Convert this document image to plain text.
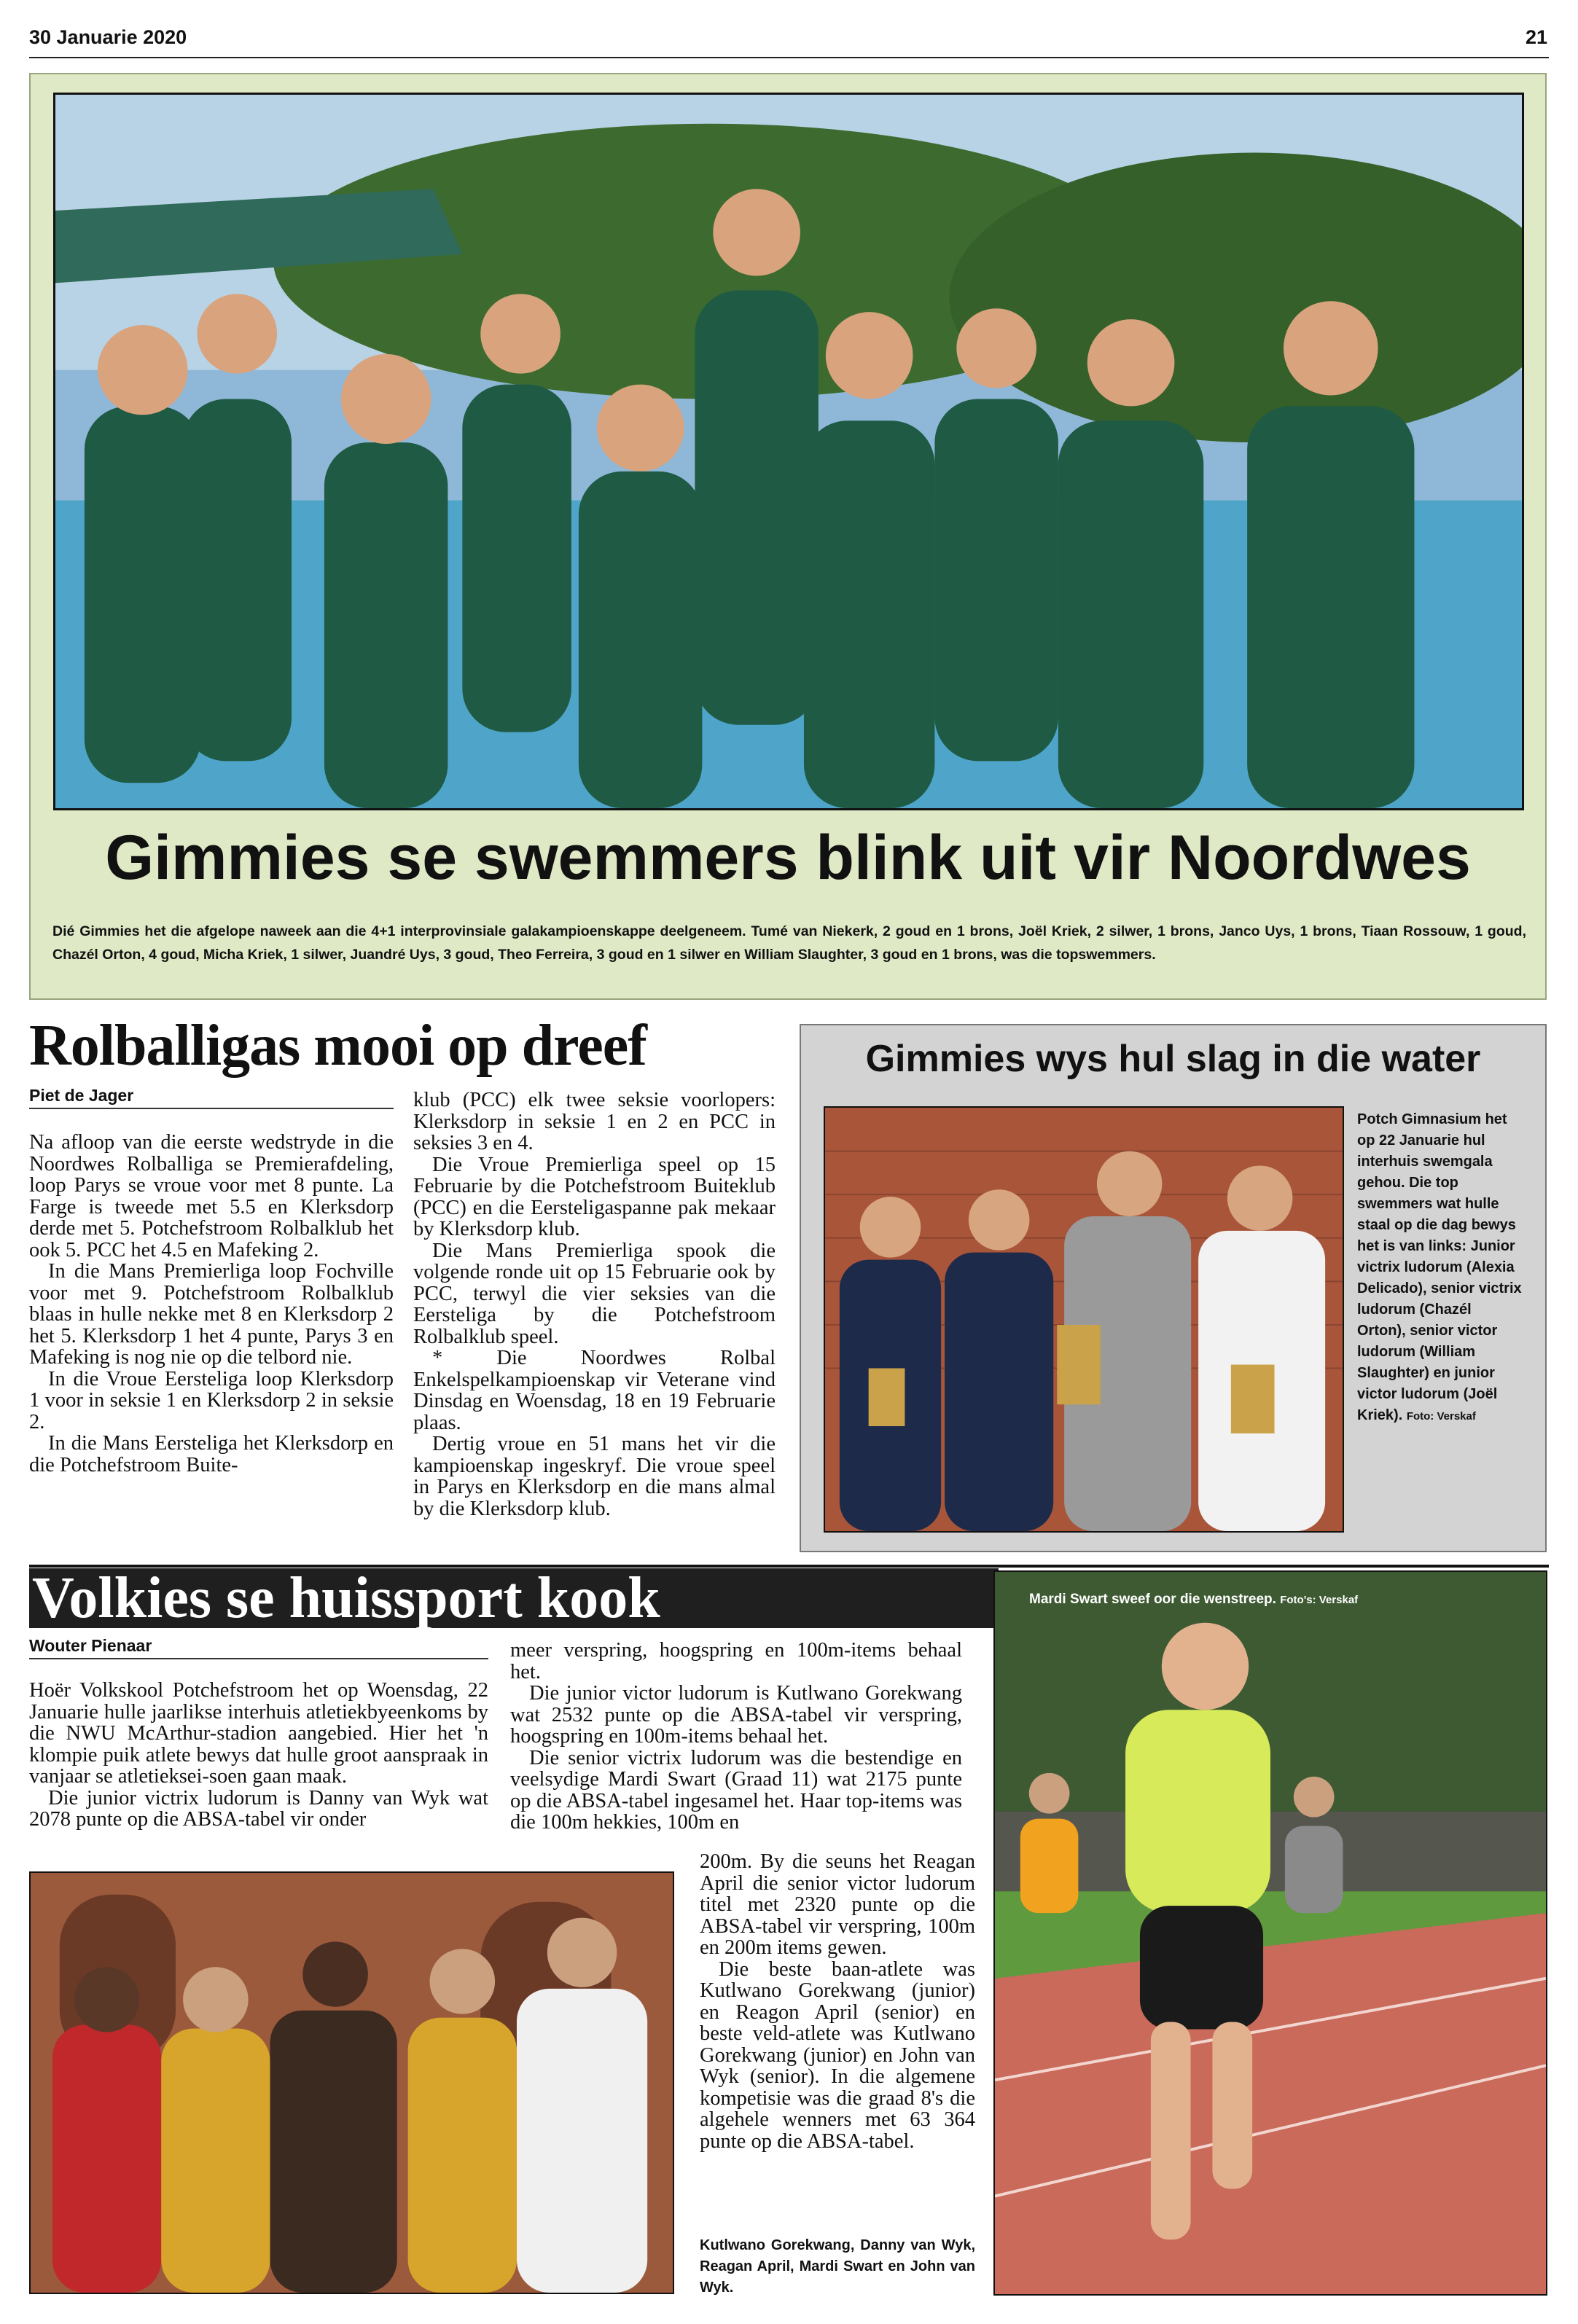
30 Januarie 2020	21
Gimmies se swemmers blink uit vir Noordwes
Dié Gimmies het die afgelope naweek aan die 4+1 interprovinsiale galakampioenskappe deelgeneem. Tumé van Niekerk, 2 goud en 1 brons, Joël Kriek, 2 silwer, 1 brons, Janco Uys, 1 brons, Tiaan Rossouw, 1 goud, Chazél Orton, 4 goud, Micha Kriek, 1 silwer, Juandré Uys, 3 goud, Theo Ferreira, 3 goud en 1 silwer en William Slaughter, 3 goud en 1 brons, was die topswemmers.
Rolballigas mooi op dreef
Piet de Jager

Na afloop van die eerste wedstryde in die Noordwes Rolballiga se Premierafdeling, loop Parys se vroue voor met 8 punte. La Farge is tweede met 5.5 en Klerksdorp derde met 5. Potchefstroom Rolbalklub het ook 5. PCC het 4.5 en Mafeking 2.

In die Mans Premierliga loop Fochville voor met 9. Potchefstroom Rolbalklub blaas in hulle nekke met 8 en Klerksdorp 2 het 5. Klerksdorp 1 het 4 punte, Parys 3 en Mafeking is nog nie op die telbord nie.

In die Vroue Eersteliga loop Klerksdorp 1 voor in seksie 1 en Klerksdorp 2 in seksie 2.

In die Mans Eersteliga het Klerksdorp en die Potchefstroom Buite-

klub (PCC) elk twee seksie voorlopers: Klerksdorp in seksie 1 en 2 en PCC in seksies 3 en 4.

Die Vroue Premierliga speel op 15 Februarie by die Potchefstroom Buiteklub (PCC) en die Eersteligaspanne pak mekaar by Klerksdorp klub.

Die Mans Premierliga spook die volgende ronde uit op 15 Februarie ook by PCC, terwyl die vier seksies van die Eersteliga by die Potchefstroom Rolbalklub speel.

* Die Noordwes Rolbal Enkelspelkampioenskap vir Veterane vind Dinsdag en Woensdag, 18 en 19 Februarie plaas.

Dertig vroue en 51 mans het vir die kampioenskap ingeskryf. Die vroue speel in Parys en Klerksdorp en die mans almal by die Klerksdorp klub.

Gimmies wys hul slag in die water
Potch Gimnasium het op 22 Januarie hul interhuis swemgala gehou. Die top swemmers wat hulle staal op die dag bewys het is van links: Junior victrix ludorum (Alexia Delicado), senior victrix ludorum (Chazél Orton), senior victor ludorum (William Slaughter) en junior victor ludorum (Joël Kriek). Foto: Verskaf
Volkies se huissport kook
Wouter Pienaar

Hoër Volkskool Potchefstroom het op Woensdag, 22 Januarie hulle jaarlikse interhuis atletiekbyeenkoms by die NWU McArthur-stadion aangebied. Hier het 'n klompie puik atlete bewys dat hulle groot aanspraak in vanjaar se atletieksei-soen gaan maak.

Die junior victrix ludorum is Danny van Wyk wat 2078 punte op die ABSA-tabel vir onder

meer verspring, hoogspring en 100m-items behaal het.

Die junior victor ludorum is Kutlwano Gorekwang wat 2532 punte op die ABSA-tabel vir verspring, hoogspring en 100m-items behaal het.

Die senior victrix ludorum was die bestendige en veelsydige Mardi Swart (Graad 11) wat 2175 punte op die ABSA-tabel ingesamel het. Haar top-items was die 100m hekkies, 100m en

200m. By die seuns het Reagan April die senior victor ludorum titel met 2320 punte op die ABSA-tabel vir verspring, 100m en 200m items gewen.

Die beste baan-atlete was Kutlwano Gorekwang (junior) en Reagon April (senior) en beste veld-atlete was Kutlwano Gorekwang (junior) en John van Wyk (senior). In die algemene kompetisie was die graad 8's die algehele wenners met 63 364 punte op die ABSA-tabel.

Mardi Swart sweef oor die wenstreep. Foto's: Verskaf
Kutlwano Gorekwang, Danny van Wyk, Reagan April, Mardi Swart en John van Wyk.
